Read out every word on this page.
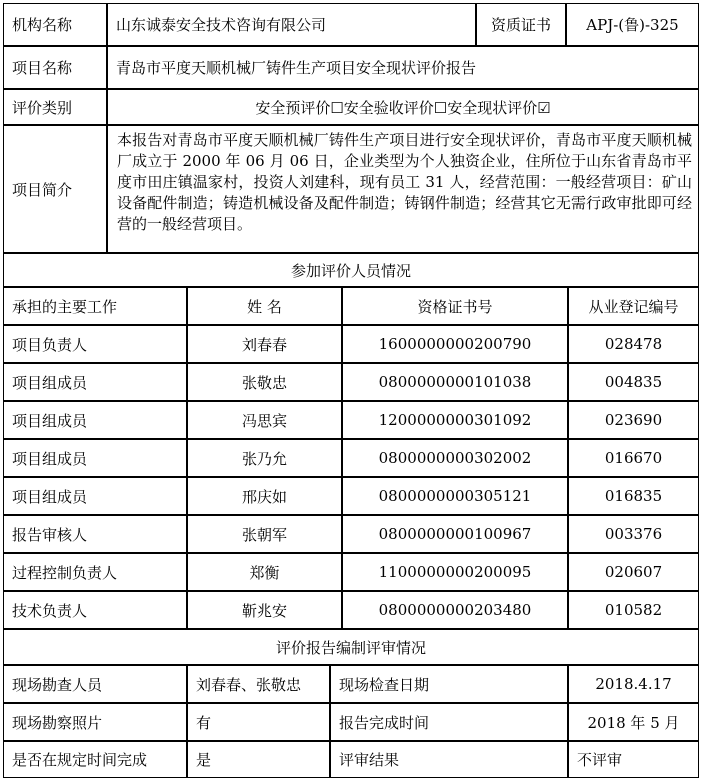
机构名称	山东诚泰安全技术咨询有限公司	资质证书 APJ-(鲁)-325
项目名称	青岛市平度天顺机械厂铸件生产项目安全现状评价报告
评价类别	安全预评价☐安全验收评价☐安全现状评价☑
项目简介
本报告对青岛市平度天顺机械厂铸件生产项目进行安全现状评价，青岛市平度天顺机械厂成立于 2000 年 06 月 06 日，企业类型为个人独资企业，住所位于山东省青岛市平度市田庄镇温家村，投资人刘建科，现有员工 31 人，经营范围：一般经营项目：矿山设备配件制造；铸造机械设备及配件制造；铸钢件制造；经营其它无需行政审批即可经营的一般经营项目。
参加评价人员情况
承担的主要工作	姓 名	资格证书号	从业登记编号
项目负责人	刘春春	1600000000200790	028478
项目组成员	张敬忠	0800000000101038	004835
项目组成员	冯思宾	1200000000301092	023690
项目组成员	张乃允	0800000000302002	016670
项目组成员	邢庆如	0800000000305121	016835
报告审核人	张朝军	0800000000100967	003376
过程控制负责人	郑衡	1100000000200095	020607
技术负责人	靳兆安	0800000000203480	010582
评价报告编制评审情况
现场勘查人员	刘春春、张敬忠	现场检查日期	2018.4.17
现场勘察照片	有	报告完成时间	2018 年 5 月
是否在规定时间完成	是	评审结果	不评审
